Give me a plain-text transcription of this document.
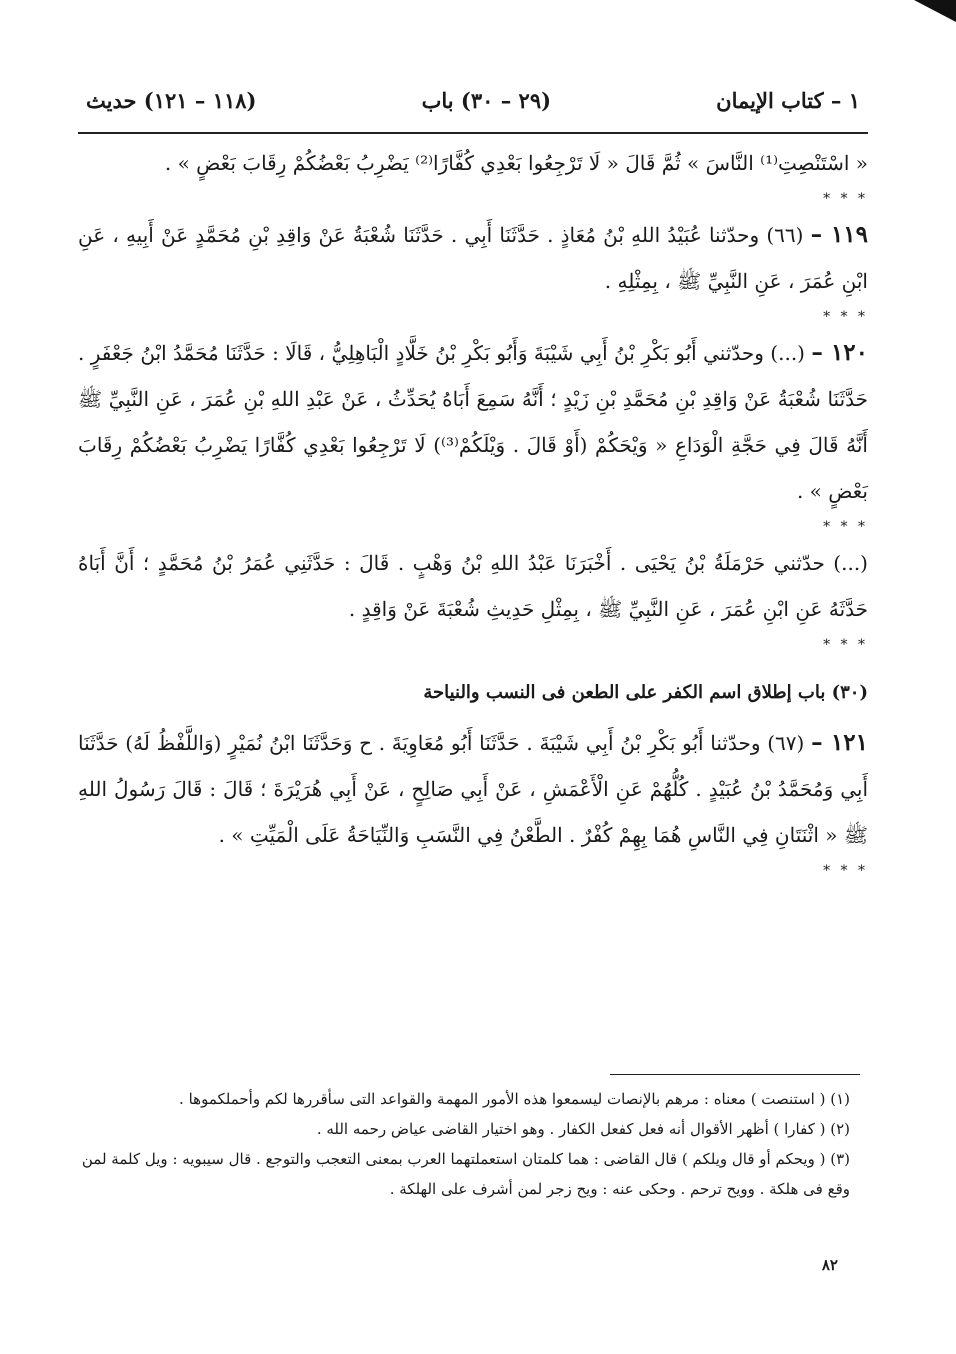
١ – كتاب الإيمان
(٢٩ – ٣٠) باب
(١١٨ – ١٢١) حديث

« اسْتَنْصِتِ⁽¹⁾ النَّاسَ » ثُمَّ قَالَ « لَا تَرْجِعُوا بَعْدِي كُفَّارًا⁽²⁾ يَضْرِبُ بَعْضُكُمْ رِقَابَ بَعْضٍ » .

* * *

١١٩ – (٦٦) وحدّثنا عُبَيْدُ اللهِ بْنُ مُعَاذٍ . حَدَّثَنَا أَبِي . حَدَّثَنَا شُعْبَةُ عَنْ وَاقِدِ بْنِ مُحَمَّدٍ عَنْ أَبِيهِ ، عَنِ ابْنِ عُمَرَ ، عَنِ النَّبِيِّ ﷺ ، بِمِثْلِهِ .

* * *

١٢٠ – (...) وحدّثني أَبُو بَكْرِ بْنُ أَبِي شَيْبَةَ وَأَبُو بَكْرِ بْنُ خَلَّادٍ الْبَاهِلِيُّ ، قَالَا : حَدَّثَنَا مُحَمَّدُ ابْنُ جَعْفَرٍ . حَدَّثَنَا شُعْبَةُ عَنْ وَاقِدِ بْنِ مُحَمَّدِ بْنِ زَيْدٍ ؛ أَنَّهُ سَمِعَ أَبَاهُ يُحَدِّثُ ، عَنْ عَبْدِ اللهِ بْنِ عُمَرَ ، عَنِ النَّبِيِّ ﷺ أَنَّهُ قَالَ فِي حَجَّةِ الْوَدَاعِ « وَيْحَكُمْ (أَوْ قَالَ . وَيْلَكُمْ⁽³⁾) لَا تَرْجِعُوا بَعْدِي كُفَّارًا يَضْرِبُ بَعْضُكُمْ رِقَابَ بَعْضٍ » .

* * *

(...) حدّثني حَرْمَلَةُ بْنُ يَحْيَى . أَخْبَرَنَا عَبْدُ اللهِ بْنُ وَهْبٍ . قَالَ : حَدَّثَنِي عُمَرُ بْنُ مُحَمَّدٍ ؛ أَنَّ أَبَاهُ حَدَّثَهُ عَنِ ابْنِ عُمَرَ ، عَنِ النَّبِيِّ ﷺ ، بِمِثْلِ حَدِيثِ شُعْبَةَ عَنْ وَاقِدٍ .

* * *
(٣٠) باب إطلاق اسم الكفر على الطعن فى النسب والنياحة

١٢١ – (٦٧) وحدّثنا أَبُو بَكْرِ بْنُ أَبِي شَيْبَةَ . حَدَّثَنَا أَبُو مُعَاوِيَةَ . ح وَحَدَّثَنَا ابْنُ نُمَيْرٍ (وَاللَّفْظُ لَهُ) حَدَّثَنَا أَبِي وَمُحَمَّدُ بْنُ عُبَيْدٍ . كُلُّهُمْ عَنِ الْأَعْمَشِ ، عَنْ أَبِي صَالِحٍ ، عَنْ أَبِي هُرَيْرَةَ ؛ قَالَ : قَالَ رَسُولُ اللهِ ﷺ « اثْنَتَانِ فِي النَّاسِ هُمَا بِهِمْ كُفْرٌ . الطَّعْنُ فِي النَّسَبِ وَالنِّيَاحَةُ عَلَى الْمَيِّتِ » .

* * *

(١) ( استنصت ) معناه : مرهم بالإنصات ليسمعوا هذه الأمور المهمة والقواعد التى سأقررها لكم وأحملكموها .

(٢) ( كفارا ) أظهر الأقوال أنه فعل كفعل الكفار . وهو اختيار القاضى عياض رحمه الله .

(٣) ( ويحكم أو قال ويلكم ) قال القاضى : هما كلمتان استعملتهما العرب بمعنى التعجب والتوجع . قال سيبويه : ويل كلمة لمن وقع فى هلكة . وويح ترحم . وحكى عنه : ويح زجر لمن أشرف على الهلكة .

٨٢
